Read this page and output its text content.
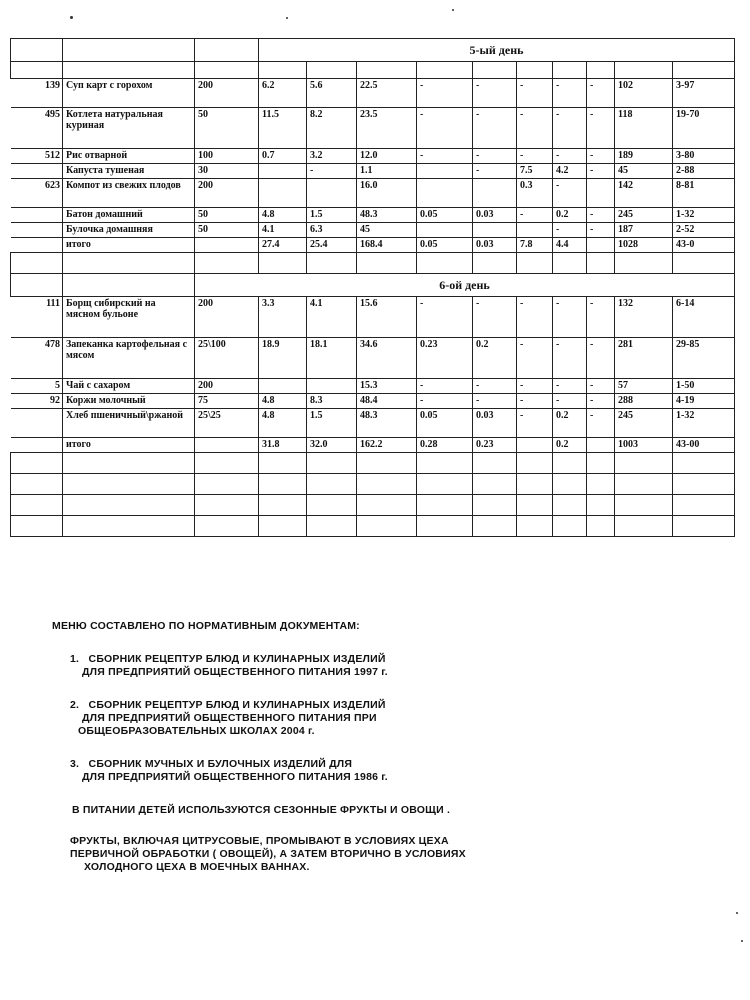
			5-ый день									

139	Суп карт с горохом	200	6.2	5.6	22.5	-	-	-	-	-	102	3-97
495	Котлета натуральная куриная	50	11.5	8.2	23.5	-	-	-	-	-	118	19-70
512	Рис отварной	100	0.7	3.2	12.0	-	-	-	-	-	189	3-80
	Капуста тушеная	30		-	1.1		-	7.5	4.2	-	45	2-88
623	Компот из свежих плодов	200			16.0			0.3	-		142	8-81
	Батон домашний	50	4.8	1.5	48.3	0.05	0.03	-	0.2	-	245	1-32
	Булочка домашняя	50	4.1	6.3	45				-	-	187	2-52
	итого		27.4	25.4	168.4	0.05	0.03	7.8	4.4		1028	43-0

		6-ой день										
111	Борщ сибирский на мясном бульоне	200	3.3	4.1	15.6	-	-	-	-	-	132	6-14
478	Запеканка картофельная с мясом	25\100	18.9	18.1	34.6	0.23	0.2	-	-	-	281	29-85
5	Чай с сахаром	200			15.3	-	-	-	-	-	57	1-50
92	Коржи молочный	75	4.8	8.3	48.4	-	-	-	-	-	288	4-19
	Хлеб пшеничный\ржаной	25\25	4.8	1.5	48.3	0.05	0.03	-	0.2	-	245	1-32
	итого		31.8	32.0	162.2	0.28	0.23		0.2		1003	43-00

МЕНЮ СОСТАВЛЕНО ПО НОРМАТИВНЫМ ДОКУМЕНТАМ:

1. СБОРНИК РЕЦЕПТУР БЛЮД И КУЛИНАРНЫХ ИЗДЕЛИЙ
ДЛЯ ПРЕДПРИЯТИЙ ОБЩЕСТВЕННОГО ПИТАНИЯ 1997 г.

2. СБОРНИК РЕЦЕПТУР БЛЮД И КУЛИНАРНЫХ ИЗДЕЛИЙ
ДЛЯ ПРЕДПРИЯТИЙ ОБЩЕСТВЕННОГО ПИТАНИЯ ПРИ
ОБЩЕОБРАЗОВАТЕЛЬНЫХ ШКОЛАХ 2004 г.

3. СБОРНИК МУЧНЫХ И БУЛОЧНЫХ ИЗДЕЛИЙ ДЛЯ
ДЛЯ ПРЕДПРИЯТИЙ ОБЩЕСТВЕННОГО ПИТАНИЯ 1986 г.

В ПИТАНИИ ДЕТЕЙ ИСПОЛЬЗУЮТСЯ СЕЗОННЫЕ ФРУКТЫ И ОВОЩИ .

ФРУКТЫ, ВКЛЮЧАЯ ЦИТРУСОВЫЕ, ПРОМЫВАЮТ В УСЛОВИЯХ ЦЕХА
ПЕРВИЧНОЙ ОБРАБОТКИ ( ОВОЩЕЙ), А ЗАТЕМ ВТОРИЧНО В УСЛОВИЯХ
ХОЛОДНОГО ЦЕХА В МОЕЧНЫХ ВАННАХ.
